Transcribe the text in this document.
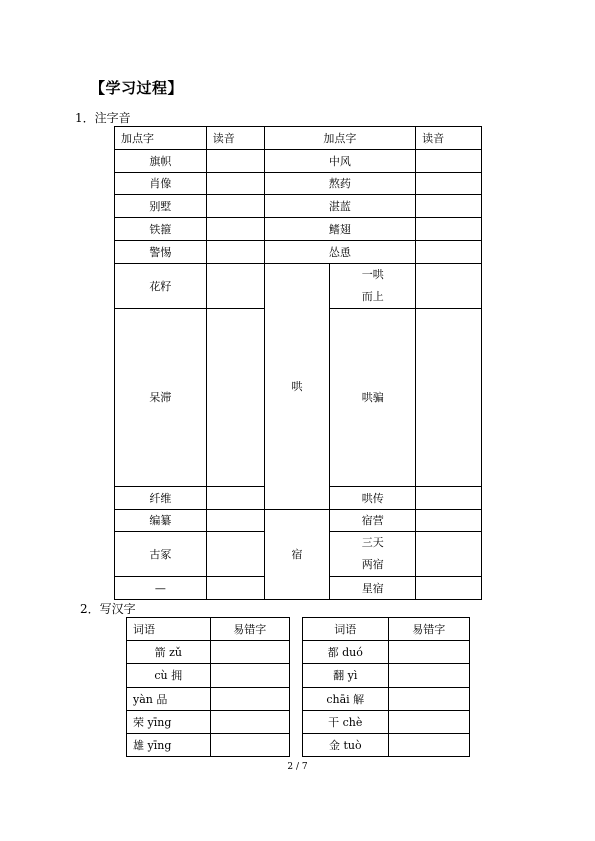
【学习过程】
1．注字音
加点字	读音	加点字		读音
旗帜		中风		
肖像		熬药		
别墅		湛蓝		
铁箍		鳍翅		
警惕		怂恿		
花籽		哄	一哄
而上	

呆滞			哄骗	
纤维			哄传	
编纂		宿	宿营	
古冢			三天
两宿	

—			星宿	
2．写汉字
词语	易错字
箭 zǔ	
cù 拥	
yàn 品	
荣 yīng	
雄 yīng	
词语	易错字
都 duó	
翻 yì	
chāi 解	
干 chè	
金 tuò	
2 / 7
